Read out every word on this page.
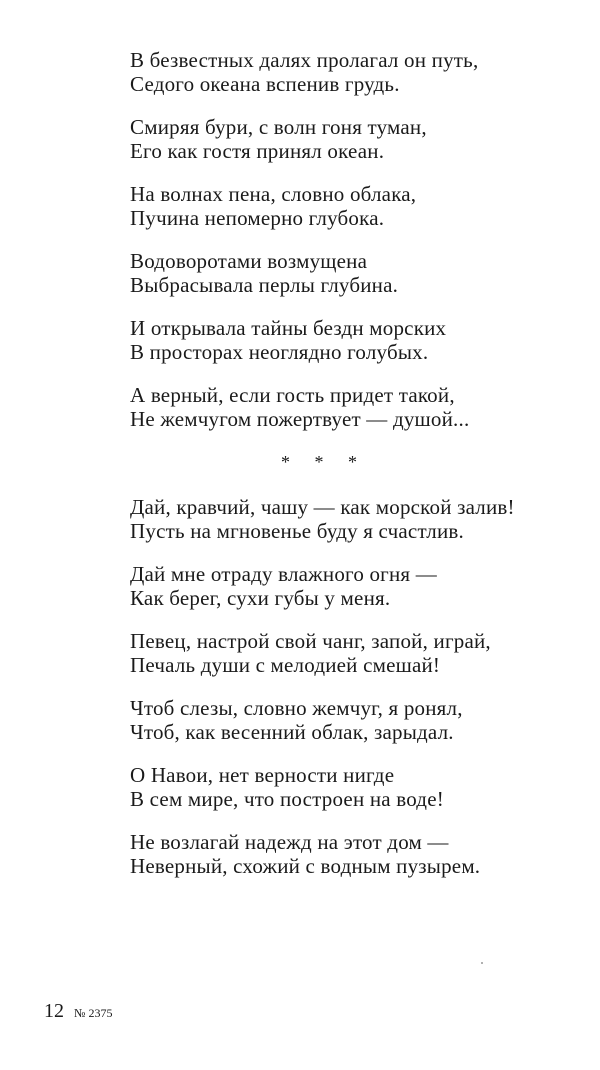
В безвестных далях пролагал он путь,
Седого океана вспенив грудь.

Смиряя бури, с волн гоня туман,
Его как гостя принял океан.

На волнах пена, словно облака,
Пучина непомерно глубока.

Водоворотами возмущена
Выбрасывала перлы глубина.

И открывала тайны бездн морских
В просторах неоглядно голубых.

А верный, если гость придет такой,
Не жемчугом пожертвует — душой...

* * *

Дай, кравчий, чашу — как морской залив!
Пусть на мгновенье буду я счастлив.

Дай мне отраду влажного огня —
Как берег, сухи губы у меня.

Певец, настрой свой чанг, запой, играй,
Печаль души с мелодией смешай!

Чтоб слезы, словно жемчуг, я ронял,
Чтоб, как весенний облак, зарыдал.

О Навои, нет верности нигде
В сем мире, что построен на воде!

Не возлагай надежд на этот дом —
Неверный, схожий с водным пузырем.

12 № 2375
